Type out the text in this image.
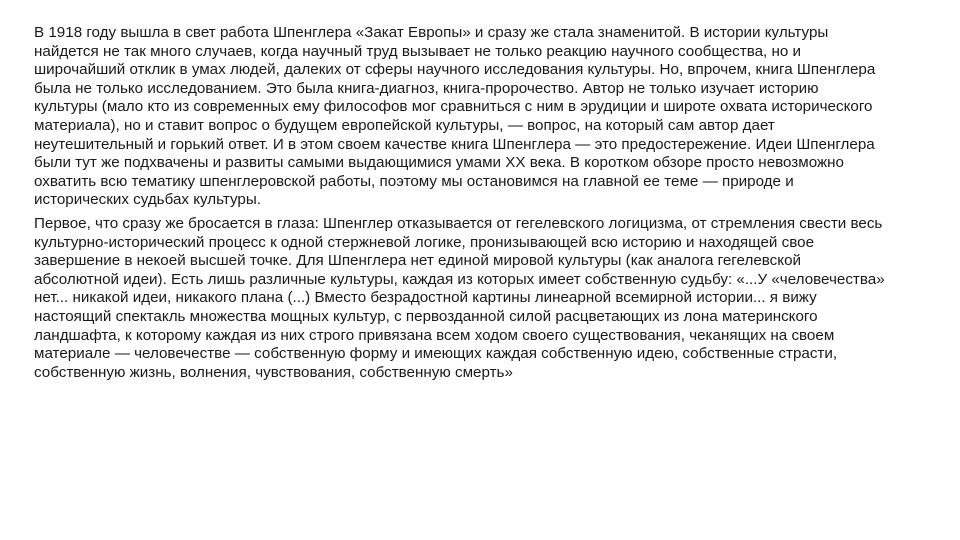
В 1918 году вышла в свет работа Шпенглера «Закат Европы» и сразу же стала знаменитой. В истории культуры найдется не так много случаев, когда научный труд вызывает не только реакцию научного сообщества, но и широчайший отклик в умах людей, далеких от сферы научного исследования культуры. Но, впрочем, книга Шпенглера была не только исследованием. Это была книга-диагноз, книга-пророчество. Автор не только изучает историю культуры (мало кто из современных ему философов мог сравниться с ним в эрудиции и широте охвата исторического материала), но и ставит вопрос о будущем европейской культуры, — вопрос, на который сам автор дает неутешительный и горький ответ. И в этом своем качестве книга Шпенглера — это предостережение. Идеи Шпенглера были тут же подхвачены и развиты самыми выдающимися умами XX века. В коротком обзоре просто невозможно охватить всю тематику шпенглеровской работы, поэтому мы остановимся на главной ее теме — природе и исторических судьбах культуры.

Первое, что сразу же бросается в глаза: Шпенглер отказывается от гегелевского логицизма, от стремления свести весь культурно-исторический процесс к одной стержневой логике, пронизывающей всю историю и находящей свое завершение в некоей высшей точке. Для Шпенглера нет единой мировой культуры (как аналога гегелевской абсолютной идеи). Есть лишь различные культуры, каждая из которых имеет собственную судьбу: «...У «человечества» нет... никакой идеи, никакого плана (...) Вместо безрадостной картины линеарной всемирной истории... я вижу настоящий спектакль множества мощных культур, с первозданной силой расцветающих из лона материнского ландшафта, к которому каждая из них строго привязана всем ходом своего существования, чеканящих на своем материале — человечестве — собственную форму и имеющих каждая собственную идею, собственные страсти, собственную жизнь, волнения, чувствования, собственную смерть»
